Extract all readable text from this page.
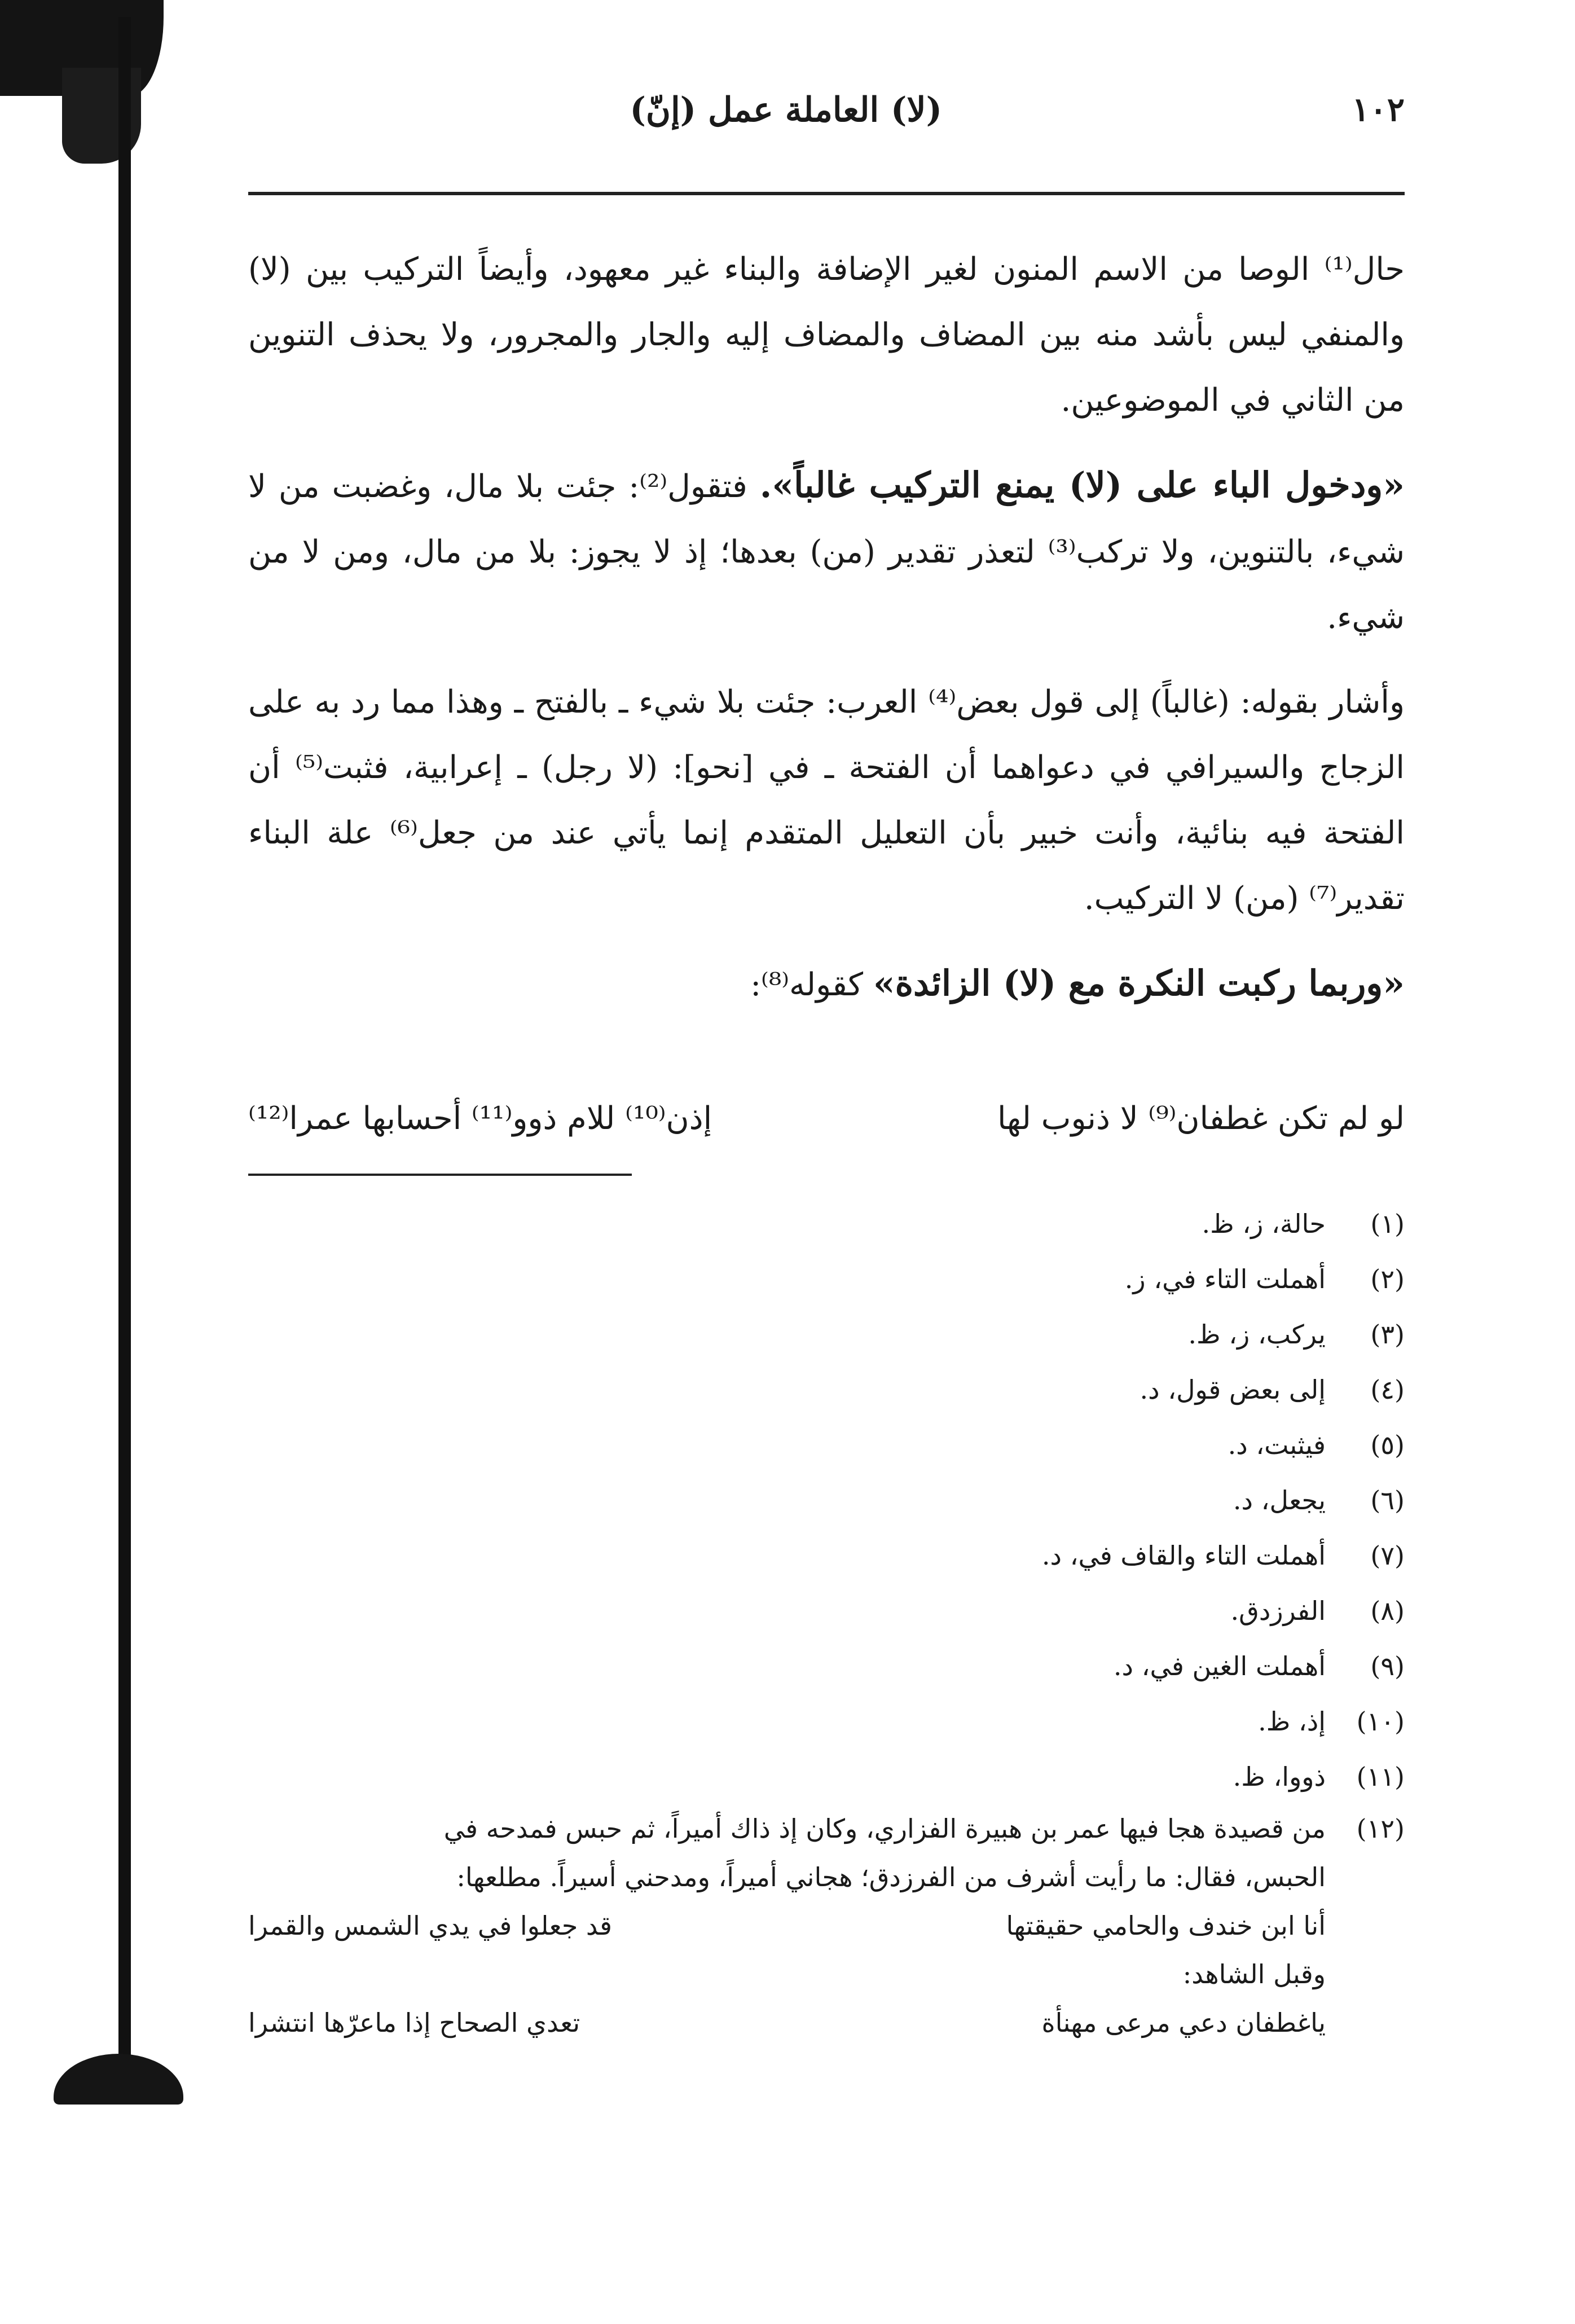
١٠٢
(لا) العاملة عمل (إنّ)

حال⁽¹⁾ الوصا من الاسم المنون لغير الإضافة والبناء غير معهود، وأيضاً التركيب بين (لا) والمنفي ليس بأشد منه بين المضاف والمضاف إليه والجار والمجرور، ولا يحذف التنوين من الثاني في الموضوعين.

«ودخول الباء على (لا) يمنع التركيب غالباً». فتقول⁽²⁾: جئت بلا مال، وغضبت من لا شيء، بالتنوين، ولا تركب⁽³⁾ لتعذر تقدير (من) بعدها؛ إذ لا يجوز: بلا من مال، ومن لا من شيء.

وأشار بقوله: (غالباً) إلى قول بعض⁽⁴⁾ العرب: جئت بلا شيء ـ بالفتح ـ وهذا مما رد به على الزجاج والسيرافي في دعواهما أن الفتحة ـ في [نحو]: (لا رجل) ـ إعرابية، فثبت⁽⁵⁾ أن الفتحة فيه بنائية، وأنت خبير بأن التعليل المتقدم إنما يأتي عند من جعل⁽⁶⁾ علة البناء تقدير⁽⁷⁾ (من) لا التركيب.

«وربما ركبت النكرة مع (لا) الزائدة» كقوله⁽⁸⁾:

لو لم تكن غطفان⁽⁹⁾ لا ذنوب لها
إذن⁽¹⁰⁾ للام ذوو⁽¹¹⁾ أحسابها عمرا⁽¹²⁾

(١)حالة، ز، ظ.

(٢)أهملت التاء في، ز.

(٣)يركب، ز، ظ.

(٤)إلى بعض قول، د.

(٥)فيثبت، د.

(٦)يجعل، د.

(٧)أهملت التاء والقاف في، د.

(٨)الفرزدق.

(٩)أهملت الغين في، د.

(١٠)إذ، ظ.

(١١)ذووا، ظ.

(١٢)من قصيدة هجا فيها عمر بن هبيرة الفزاري، وكان إذ ذاك أميراً، ثم حبس فمدحه في

الحبس، فقال: ما رأيت أشرف من الفرزدق؛ هجاني أميراً، ومدحني أسيراً. مطلعها:

أنا ابن خندف والحامي حقيقتها
قد جعلوا في يدي الشمس والقمرا

وقبل الشاهد:

ياغطفان دعي مرعى مهنأة
تعدي الصحاح إذا ماعرّها انتشرا
